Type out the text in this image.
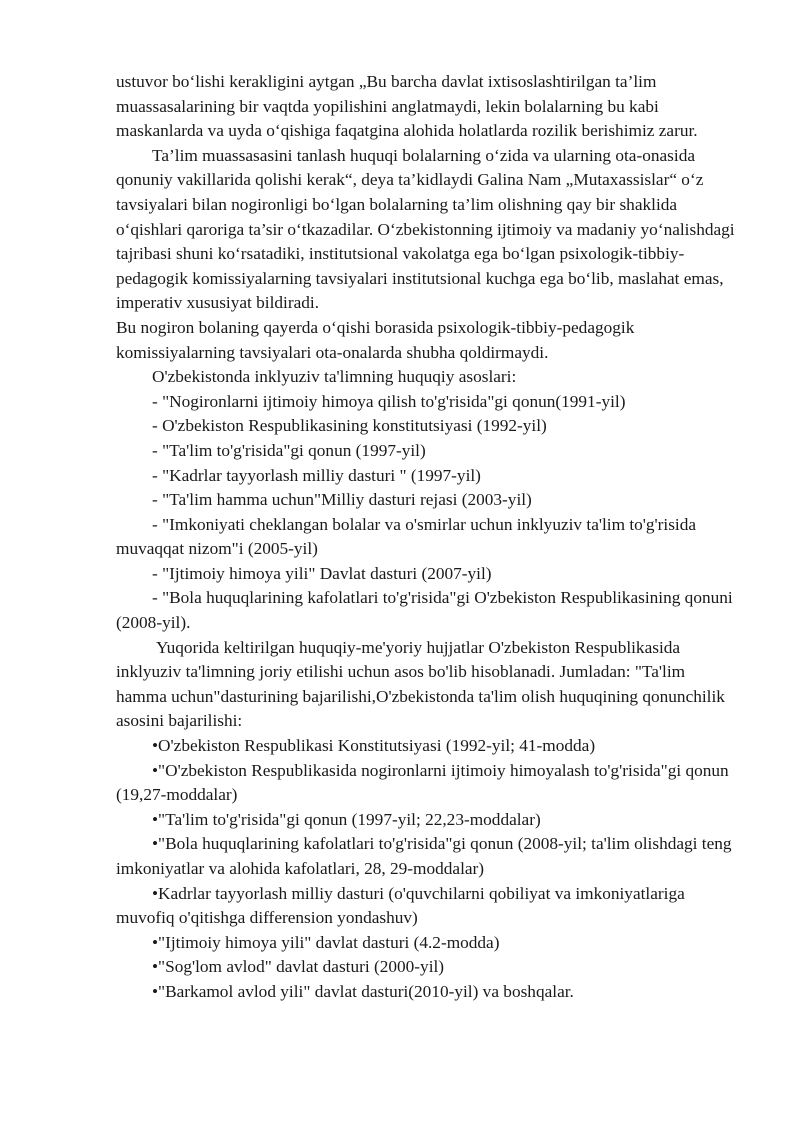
ustuvor bo‘lishi kerakligini aytgan „Bu barcha davlat ixtisoslashtirilgan ta’lim muassasalarining bir vaqtda yopilishini anglatmaydi, lekin bolalarning bu kabi maskanlarda va uyda o‘qishiga faqatgina alohida holatlarda rozilik berishimiz zarur.

Ta’lim muassasasini tanlash huquqi bolalarning o‘zida va ularning ota-onasida qonuniy vakillarida qolishi kerak“, deya ta’kidlaydi Galina Nam „Mutaxassislar“ o‘z tavsiyalari bilan nogironligi bo‘lgan bolalarning ta’lim olishning qay bir shaklida o‘qishlari qaroriga ta’sir o‘tkazadilar. O‘zbekistonning ijtimoiy va madaniy yo‘nalishdagi tajribasi shuni ko‘rsatadiki, institutsional vakolatga ega bo‘lgan psixologik-tibbiy-pedagogik komissiyalarning tavsiyalari institutsional kuchga ega bo‘lib, maslahat emas, imperativ xususiyat bildiradi.

Bu nogiron bolaning qayerda o‘qishi borasida psixologik-tibbiy-pedagogik komissiyalarning tavsiyalari ota-onalarda shubha qoldirmaydi.

O'zbekistonda inklyuziv ta'limning huquqiy asoslari:

- "Nogironlarni ijtimoiy himoya qilish to'g'risida"gi qonun(1991-yil)

- O'zbekiston Respublikasining konstitutsiyasi (1992-yil)

- "Ta'lim to'g'risida"gi qonun (1997-yil)

- "Kadrlar tayyorlash milliy dasturi " (1997-yil)

- "Ta'lim hamma uchun"Milliy dasturi rejasi (2003-yil)

- "Imkoniyati cheklangan bolalar va o'smirlar uchun inklyuziv ta'lim to'g'risida muvaqqat nizom"i (2005-yil)

- "Ijtimoiy himoya yili" Davlat dasturi (2007-yil)

- "Bola huquqlarining kafolatlari to'g'risida"gi O'zbekiston Respublikasining qonuni (2008-yil).

Yuqorida keltirilgan huquqiy-me'yoriy hujjatlar O'zbekiston Respublikasida inklyuziv ta'limning joriy etilishi uchun asos bo'lib hisoblanadi. Jumladan: "Ta'lim hamma uchun"dasturining bajarilishi,O'zbekistonda ta'lim olish huquqining qonunchilik asosini bajarilishi:

•O'zbekiston Respublikasi Konstitutsiyasi (1992-yil; 41-modda)

•"O'zbekiston Respublikasida nogironlarni ijtimoiy himoyalash to'g'risida"gi qonun (19,27-moddalar)

•"Ta'lim to'g'risida"gi qonun (1997-yil; 22,23-moddalar)

•"Bola huquqlarining kafolatlari to'g'risida"gi qonun (2008-yil; ta'lim olishdagi teng imkoniyatlar va alohida kafolatlari, 28, 29-moddalar)

•Kadrlar tayyorlash milliy dasturi (o'quvchilarni qobiliyat va imkoniyatlariga muvofiq o'qitishga differension yondashuv)

•"Ijtimoiy himoya yili" davlat dasturi (4.2-modda)

•"Sog'lom avlod" davlat dasturi (2000-yil)

•"Barkamol avlod yili" davlat dasturi(2010-yil) va boshqalar.
